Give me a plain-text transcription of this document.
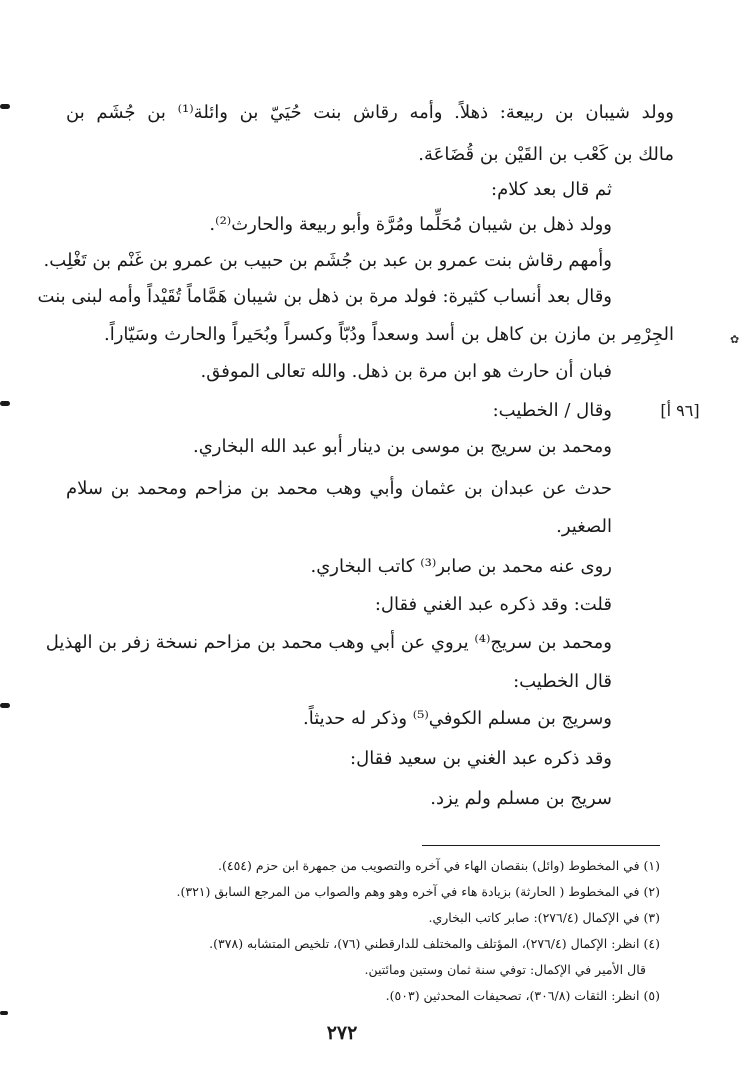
وولد شيبان بن ربيعة: ذهلاً. وأمه رقاش بنت حُيَيّ بن وائلة⁽¹⁾ بن جُشَم بن
مالك بن كَعْب بن القَيْن بن قُضَاعَة.
ثم قال بعد كلام:
وولد ذهل بن شيبان مُحَلِّما ومُرَّة وأبو ربيعة والحارث⁽²⁾.
وأمهم رقاش بنت عمرو بن عبد بن جُشَم بن حبيب بن عمرو بن غَنْم بن تَغْلِب.
وقال بعد أنساب كثيرة: فولد مرة بن ذهل بن شيبان هَمَّاماً تُقَيْداً وأمه لبنى بنت
الجِرْمِر بن مازن بن كاهل بن أسد وسعداً ودُبّاً وكسراً وبُحَيراً والحارث وسَيّاراً.
فبان أن حارث هو ابن مرة بن ذهل. والله تعالى الموفق.
وقال / الخطيب:
ومحمد بن سريج بن موسى بن دينار أبو عبد الله البخاري.
حدث عن عبدان بن عثمان وأبي وهب محمد بن مزاحم ومحمد بن سلام
الصغير.
روى عنه محمد بن صابر⁽³⁾ كاتب البخاري.
قلت: وقد ذكره عبد الغني فقال:
ومحمد بن سريج⁽⁴⁾ يروي عن أبي وهب محمد بن مزاحم نسخة زفر بن الهذيل
قال الخطيب:
وسريج بن مسلم الكوفي⁽⁵⁾ وذكر له حديثاً.
وقد ذكره عبد الغني بن سعيد فقال:
سريج بن مسلم ولم يزد.
[٩٦ أ]
(١) في المخطوط (وائل) بنقصان الهاء في آخره والتصويب من جمهرة ابن حزم (٤٥٤).
(٢) في المخطوط ( الحارثة) بزيادة هاء في آخره وهو وهم والصواب من المرجع السابق (٣٢١).
(٣) في الإكمال (٢٧٦/٤): صابر كاتب البخاري.
(٤) انظر: الإكمال (٢٧٦/٤)، المؤتلف والمختلف للدارقطني (٧٦)، تلخيص المتشابه (٣٧٨).
قال الأمير في الإكمال: توفي سنة ثمان وستين ومائتين.
(٥) انظر: الثقات (٣٠٦/٨)، تصحيفات المحدثين (٥٠٣).
٢٧٢
✿
